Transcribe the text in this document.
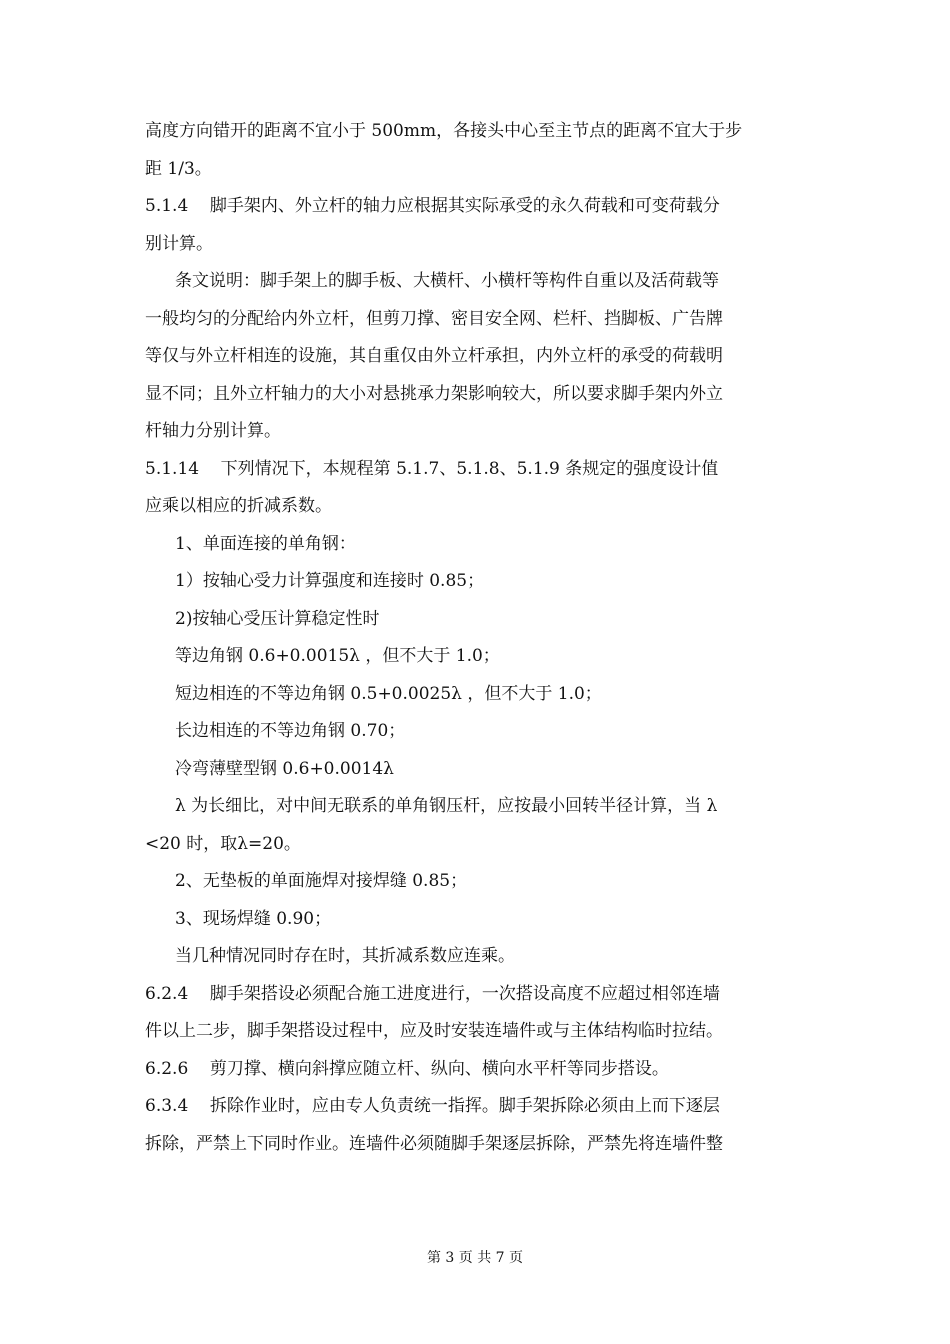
高度方向错开的距离不宜小于 500mm，各接头中心至主节点的距离不宜大于步
距 1/3。
5.1.4    脚手架内、外立杆的轴力应根据其实际承受的永久荷载和可变荷载分
别计算。
条文说明：脚手架上的脚手板、大横杆、小横杆等构件自重以及活荷载等
一般均匀的分配给内外立杆，但剪刀撑、密目安全网、栏杆、挡脚板、广告牌
等仅与外立杆相连的设施，其自重仅由外立杆承担，内外立杆的承受的荷载明
显不同；且外立杆轴力的大小对悬挑承力架影响较大，所以要求脚手架内外立
杆轴力分别计算。
5.1.14    下列情况下，本规程第 5.1.7、5.1.8、5.1.9 条规定的强度设计值
应乘以相应的折减系数。
1、单面连接的单角钢：
1）按轴心受力计算强度和连接时 0.85；
2)按轴心受压计算稳定性时
等边角钢 0.6+0.0015λ ，但不大于 1.0；
短边相连的不等边角钢 0.5+0.0025λ ，但不大于 1.0；
长边相连的不等边角钢 0.70；
冷弯薄壁型钢 0.6+0.0014λ
λ 为长细比，对中间无联系的单角钢压杆，应按最小回转半径计算，当 λ
<20 时，取λ=20。
2、无垫板的单面施焊对接焊缝 0.85；
3、现场焊缝 0.90；
当几种情况同时存在时，其折减系数应连乘。
6.2.4    脚手架搭设必须配合施工进度进行，一次搭设高度不应超过相邻连墙
件以上二步，脚手架搭设过程中，应及时安装连墙件或与主体结构临时拉结。
6.2.6    剪刀撑、横向斜撑应随立杆、纵向、横向水平杆等同步搭设。
6.3.4    拆除作业时，应由专人负责统一指挥。脚手架拆除必须由上而下逐层
拆除，严禁上下同时作业。连墙件必须随脚手架逐层拆除，严禁先将连墙件整
第 3 页 共 7 页
